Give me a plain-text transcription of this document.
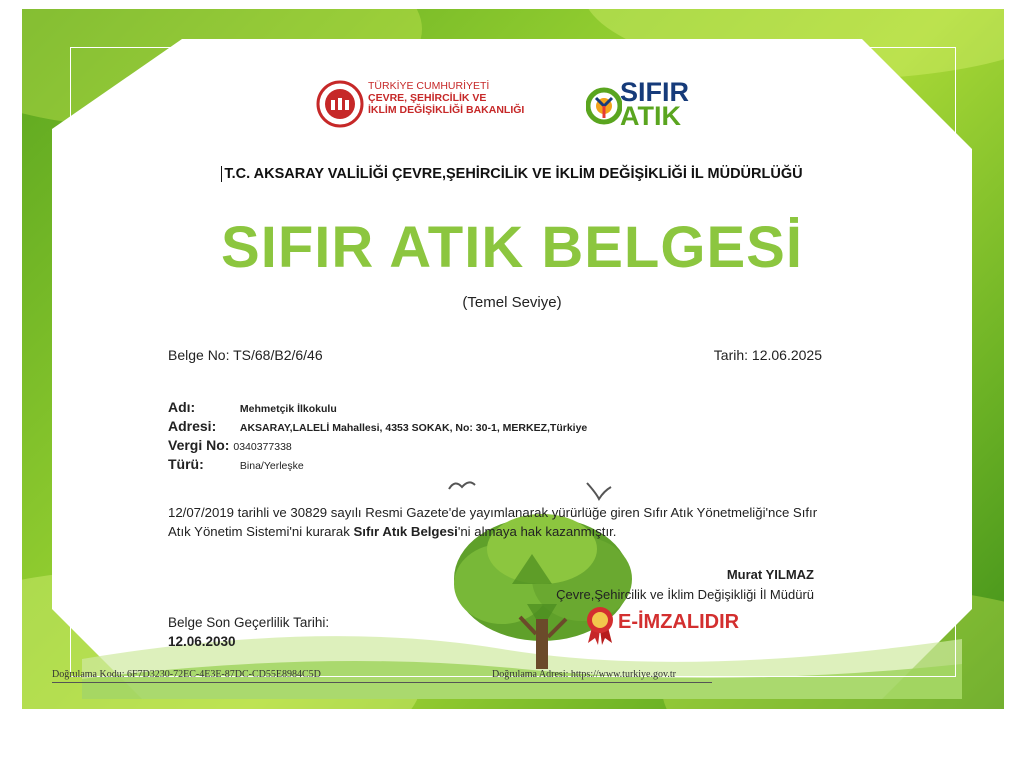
TÜRKİYE CUMHURİYETİ
ÇEVRE, ŞEHİRCİLİK VE
İKLİM DEĞİŞİKLİĞİ BAKANLIĞI
SIFIR
ATIK
T.C. AKSARAY VALİLİĞİ ÇEVRE,ŞEHİRCİLİK VE İKLİM DEĞİŞİKLİĞİ İL MÜDÜRLÜĞÜ
SIFIR ATIK BELGESİ
(Temel Seviye)
Belge No: TS/68/B2/6/46	Tarih: 12.06.2025
Adı:	Mehmetçik İlkokulu
Adresi: AKSARAY,LALELİ Mahallesi, 4353 SOKAK, No: 30-1, MERKEZ,Türkiye
Vergi No: 0340377338
Türü:	Bina/Yerleşke
12/07/2019 tarihli ve 30829 sayılı Resmi Gazete'de yayımlanarak yürürlüğe giren Sıfır Atık Yönetmeliği'nce Sıfır Atık Yönetim Sistemi'ni kurarak Sıfır Atık Belgesi'ni almaya hak kazanmıştır.
Murat YILMAZ
Çevre,Şehircilik ve İklim Değişikliği İl Müdürü
Belge Son Geçerlilik Tarihi:
12.06.2030
E-İMZALIDIR
Doğrulama Kodu: 6F7D3230-72EC-4E3E-87DC-CD55E8984C5D	Doğrulama Adresi: https://www.turkiye.gov.tr
